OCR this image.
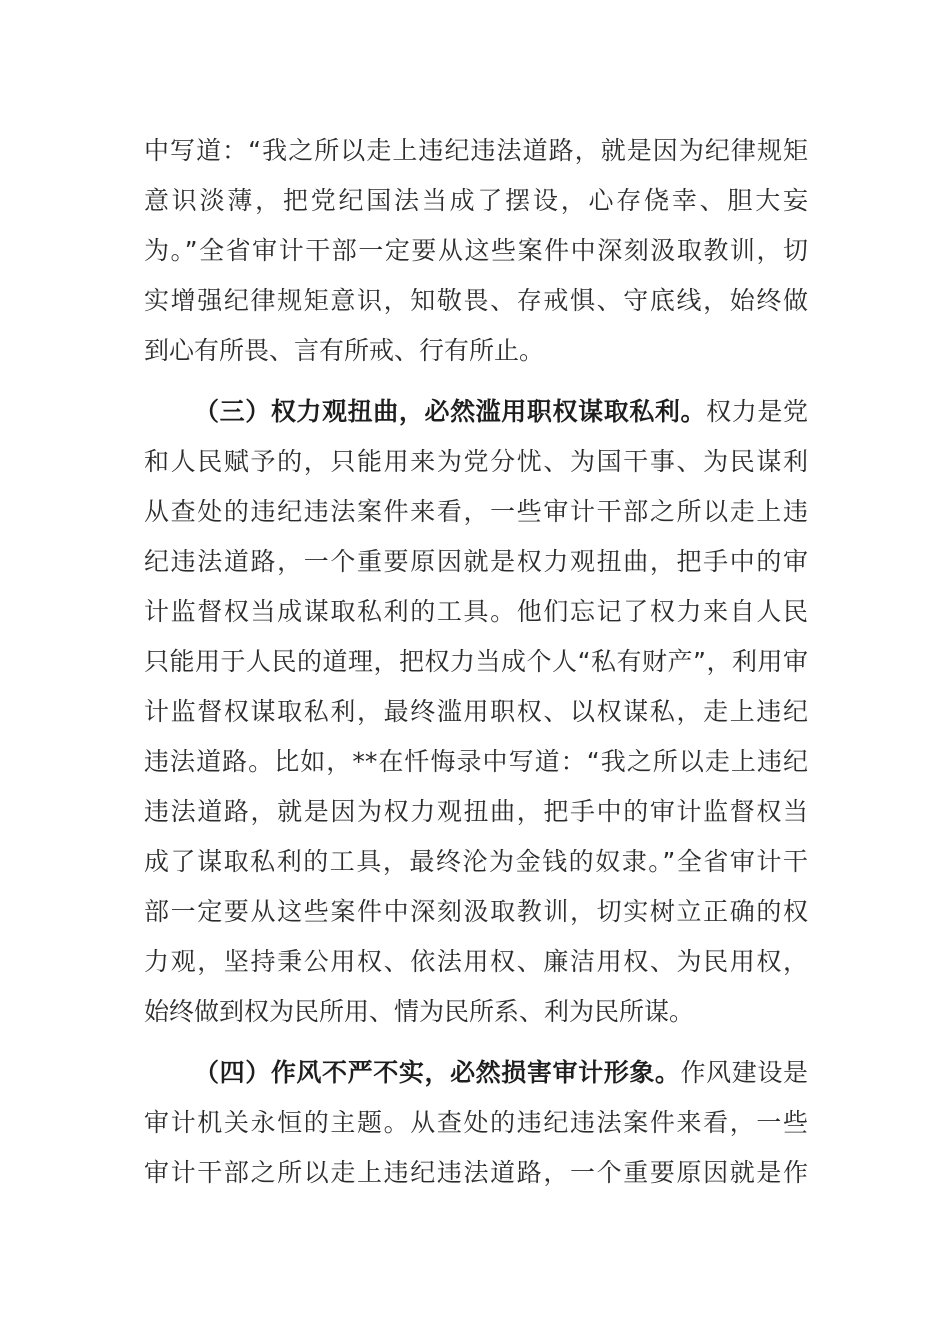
中写道：“我之所以走上违纪违法道路，就是因为纪律规矩
意识淡薄，把党纪国法当成了摆设，心存侥幸、胆大妄
为。”全省审计干部一定要从这些案件中深刻汲取教训，切
实增强纪律规矩意识，知敬畏、存戒惧、守底线，始终做
到心有所畏、言有所戒、行有所止。
（三）权力观扭曲，必然滥用职权谋取私利。权力是党
和人民赋予的，只能用来为党分忧、为国干事、为民谋利
从查处的违纪违法案件来看，一些审计干部之所以走上违
纪违法道路，一个重要原因就是权力观扭曲，把手中的审
计监督权当成谋取私利的工具。他们忘记了权力来自人民
只能用于人民的道理，把权力当成个人“私有财产”，利用审
计监督权谋取私利，最终滥用职权、以权谋私，走上违纪
违法道路。比如，**在忏悔录中写道：“我之所以走上违纪
违法道路，就是因为权力观扭曲，把手中的审计监督权当
成了谋取私利的工具，最终沦为金钱的奴隶。”全省审计干
部一定要从这些案件中深刻汲取教训，切实树立正确的权
力观，坚持秉公用权、依法用权、廉洁用权、为民用权，
始终做到权为民所用、情为民所系、利为民所谋。
（四）作风不严不实，必然损害审计形象。作风建设是
审计机关永恒的主题。从查处的违纪违法案件来看，一些
审计干部之所以走上违纪违法道路，一个重要原因就是作
